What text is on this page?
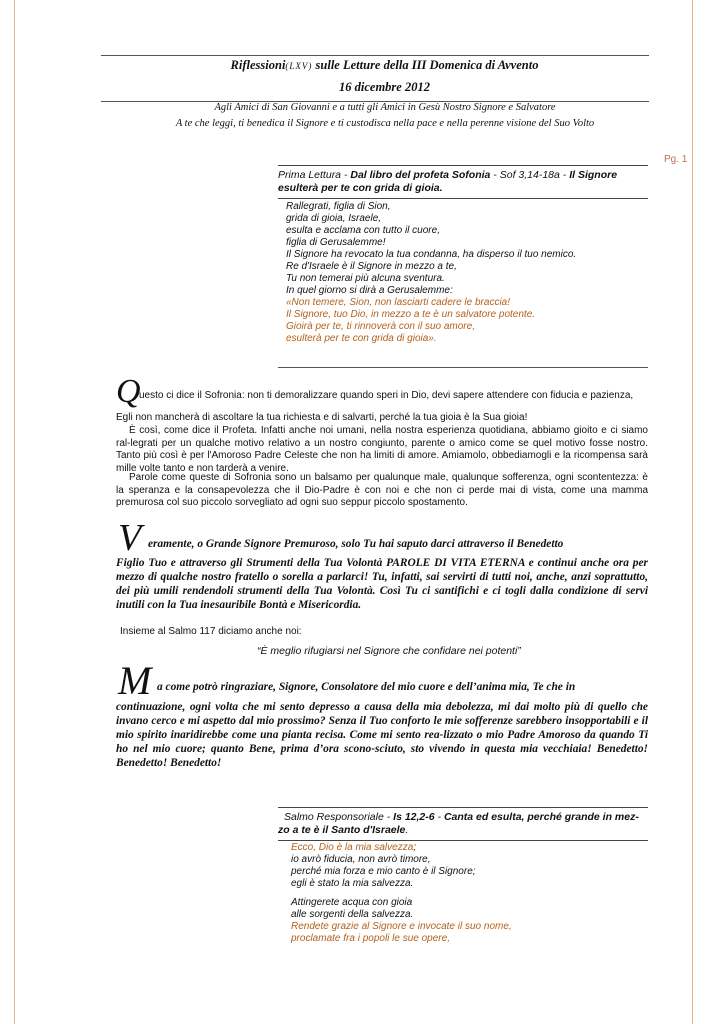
Riflessioni(LXV) sulle Letture della III Domenica di Avvento
16 dicembre 2012
Agli Amici di San Giovanni e a tutti gli Amici in Gesù Nostro Signore e Salvatore
A te che leggi, ti benedica il Signore e ti custodisca nella pace e nella perenne visione del Suo Volto
Pg. 1
Prima Lettura - Dal libro del profeta Sofonia - Sof 3,14-18a - Il Signore
esulterà per te con grida di gioia.
Rallegrati, figlia di Sion,
grida di gioia, Israele,
esulta e acclama con tutto il cuore,
figlia di Gerusalemme!
Il Signore ha revocato la tua condanna, ha disperso il tuo nemico.
Re d'Israele è il Signore in mezzo a te,
Tu non temerai più alcuna sventura.
In quel giorno si dirà a Gerusalemme:
«Non temere, Sion, non lasciarti cadere le braccia!
Il Signore, tuo Dio, in mezzo a te è un salvatore potente.
Gioirà per te, ti rinnoverà con il suo amore,
esulterà per te con grida di gioia».
Q
uesto ci dice il Sofronia: non ti demoralizzare quando speri in Dio, devi sapere attendere con fiducia e pazienza,
Egli non mancherà di ascoltare la tua richiesta e di salvarti, perché la tua gioia è la Sua gioia!
È così, come dice il Profeta. Infatti anche noi umani, nella nostra esperienza quotidiana, abbiamo gioito e ci siamo ral-legrati per un qualche motivo relativo a un nostro congiunto, parente o amico come se quel motivo fosse nostro. Tanto più così è per l'Amoroso Padre Celeste che non ha limiti di amore. Amiamolo, obbediamogli e la ricompensa sarà mille volte tanto e non tarderà a venire.
Parole come queste di Sofronia sono un balsamo per qualunque male, qualunque sofferenza, ogni scontentezza: è la speranza e la consapevolezza che il Dio-Padre è con noi e che non ci perde mai di vista, come una mamma premurosa col suo piccolo sorvegliato ad ogni suo seppur piccolo spostamento.
V eramente, o Grande Signore Premuroso, solo Tu hai saputo darci attraverso il Benedetto
Figlio Tuo e attraverso gli Strumenti della Tua Volontà PAROLE DI VITA ETERNA e continui anche ora per mezzo di qualche nostro fratello o sorella a parlarci! Tu, infatti, sai servirti di tutti noi, anche, anzi soprattutto, dei più umili rendendoli strumenti della Tua Volontà. Così Tu ci santifichi e ci togli dalla condizione di servi inutili con la Tua inesauribile Bontà e Misericordia.
Insieme al Salmo 117 diciamo anche noi:
“È meglio rifugiarsi nel Signore che confidare nei potenti”
M a come potrò ringraziare, Signore, Consolatore del mio cuore e dell’anima mia, Te che in
continuazione, ogni volta che mi sento depresso a causa della mia debolezza, mi dai molto più di quello che invano cerco e mi aspetto dal mio prossimo? Senza il Tuo conforto le mie sofferenze sarebbero insopportabili e il mio spirito inaridirebbe come una pianta recisa. Come mi sento rea-lizzato o mio Padre Amoroso da quando Ti ho nel mio cuore; quanto Bene, prima d’ora scono-sciuto, sto vivendo in questa mia vecchiaia! Benedetto! Benedetto! Benedetto!
Salmo Responsoriale - Is 12,2-6 - Canta ed esulta, perché grande in mez-
zo a te è il Santo d'Israele.
Ecco, Dio è la mia salvezza;
io avrò fiducia, non avrò timore,
perché mia forza e mio canto è il Signore;
egli è stato la mia salvezza.
Attingerete acqua con gioia
alle sorgenti della salvezza.
Rendete grazie al Signore e invocate il suo nome,
proclamate fra i popoli le sue opere,
